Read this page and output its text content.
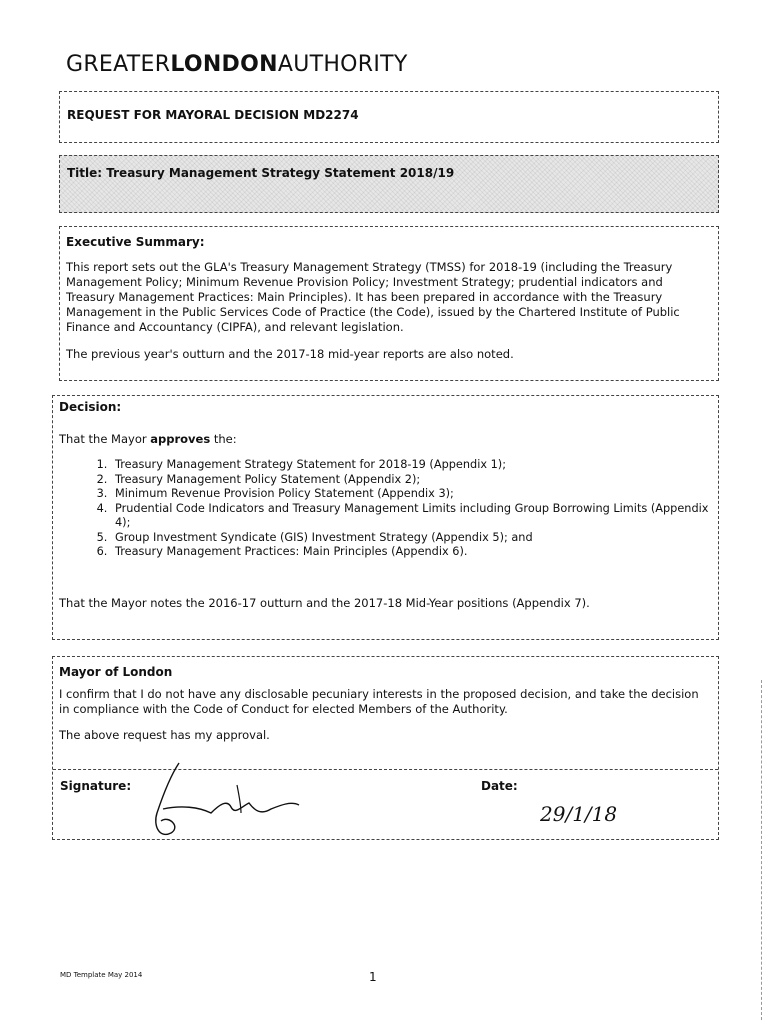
GREATERLONDONAUTHORITY
REQUEST FOR MAYORAL DECISION MD2274
Title: Treasury Management Strategy Statement 2018/19
Executive Summary:
This report sets out the GLA's Treasury Management Strategy (TMSS) for 2018-19 (including the Treasury Management Policy; Minimum Revenue Provision Policy; Investment Strategy; prudential indicators and Treasury Management Practices: Main Principles). It has been prepared in accordance with the Treasury Management in the Public Services Code of Practice (the Code), issued by the Chartered Institute of Public Finance and Accountancy (CIPFA), and relevant legislation.
The previous year's outturn and the 2017-18 mid-year reports are also noted.
Decision:
That the Mayor approves the:
1. Treasury Management Strategy Statement for 2018-19 (Appendix 1);
2. Treasury Management Policy Statement (Appendix 2);
3. Minimum Revenue Provision Policy Statement (Appendix 3);
4. Prudential Code Indicators and Treasury Management Limits including Group Borrowing Limits (Appendix 4);
5. Group Investment Syndicate (GIS) Investment Strategy (Appendix 5); and
6. Treasury Management Practices: Main Principles (Appendix 6).
That the Mayor notes the 2016-17 outturn and the 2017-18 Mid-Year positions (Appendix 7).
Mayor of London
I confirm that I do not have any disclosable pecuniary interests in the proposed decision, and take the decision in compliance with the Code of Conduct for elected Members of the Authority.
The above request has my approval.
Signature:	Date:
29/1/18
MD Template May 2014	1
